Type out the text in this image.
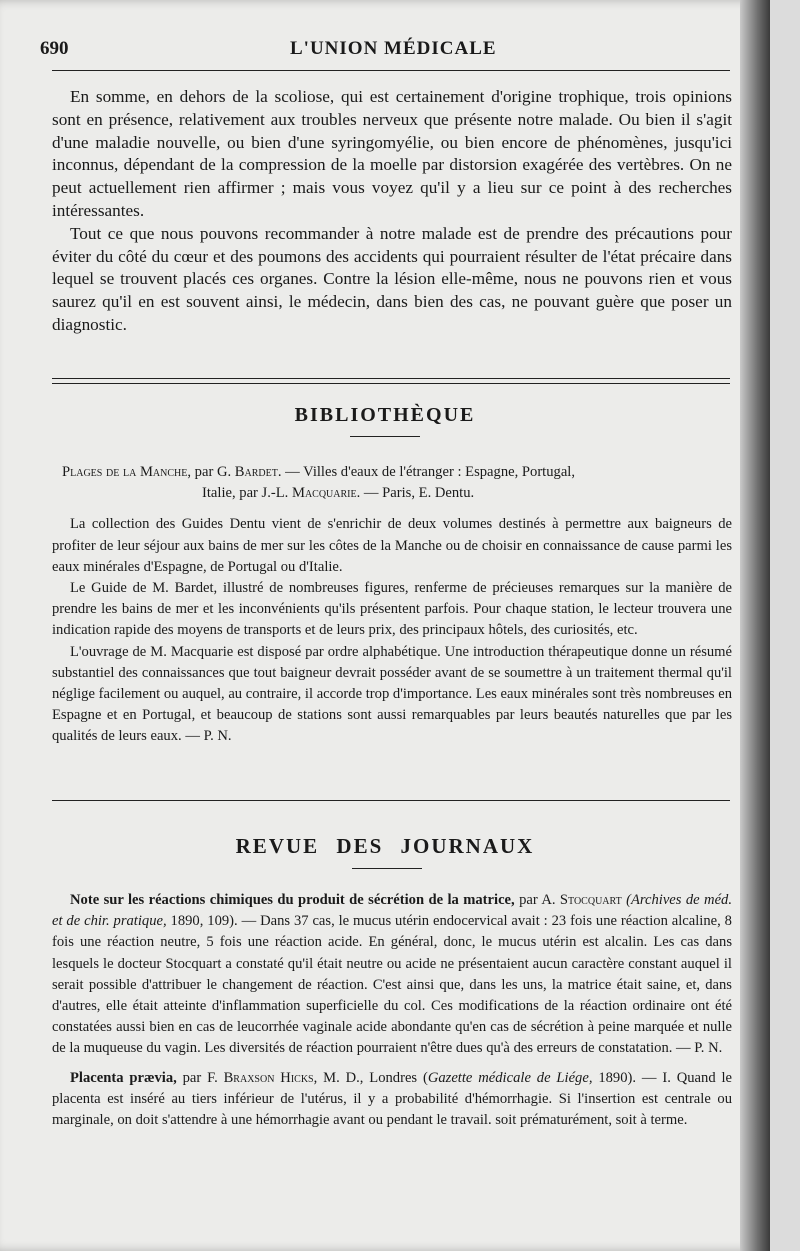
690	L'UNION MÉDICALE

En somme, en dehors de la scoliose, qui est certainement d'origine trophique, trois opinions sont en présence, relativement aux troubles nerveux que présente notre malade. Ou bien il s'agit d'une maladie nouvelle, ou bien d'une syringomyélie, ou bien encore de phénomènes, jusqu'ici inconnus, dépendant de la compression de la moelle par distorsion exagérée des vertèbres. On ne peut actuellement rien affirmer ; mais vous voyez qu'il y a lieu sur ce point à des recherches intéressantes.

Tout ce que nous pouvons recommander à notre malade est de prendre des précautions pour éviter du côté du cœur et des poumons des accidents qui pourraient résulter de l'état précaire dans lequel se trouvent placés ces organes. Contre la lésion elle-même, nous ne pouvons rien et vous saurez qu'il en est souvent ainsi, le médecin, dans bien des cas, ne pouvant guère que poser un diagnostic.

BIBLIOTHÈQUE

Plages de la Manche, par G. Bardet. — Villes d'eaux de l'étranger : Espagne, Portugal,
Italie, par J.-L. Macquarie. — Paris, E. Dentu.

La collection des Guides Dentu vient de s'enrichir de deux volumes destinés à permettre aux baigneurs de profiter de leur séjour aux bains de mer sur les côtes de la Manche ou de choisir en connaissance de cause parmi les eaux minérales d'Espagne, de Portugal ou d'Italie.

Le Guide de M. Bardet, illustré de nombreuses figures, renferme de précieuses remarques sur la manière de prendre les bains de mer et les inconvénients qu'ils présentent parfois. Pour chaque station, le lecteur trouvera une indication rapide des moyens de transports et de leurs prix, des principaux hôtels, des curiosités, etc.

L'ouvrage de M. Macquarie est disposé par ordre alphabétique. Une introduction thérapeutique donne un résumé substantiel des connaissances que tout baigneur devrait posséder avant de se soumettre à un traitement thermal qu'il néglige facilement ou auquel, au contraire, il accorde trop d'importance. Les eaux minérales sont très nombreuses en Espagne et en Portugal, et beaucoup de stations sont aussi remarquables par leurs beautés naturelles que par les qualités de leurs eaux. — P. N.

REVUE DES JOURNAUX

Note sur les réactions chimiques du produit de sécrétion de la matrice, par A. Stocquart (Archives de méd. et de chir. pratique, 1890, 109). — Dans 37 cas, le mucus utérin endocervical avait : 23 fois une réaction alcaline, 8 fois une réaction neutre, 5 fois une réaction acide. En général, donc, le mucus utérin est alcalin. Les cas dans lesquels le docteur Stocquart a constaté qu'il était neutre ou acide ne présentaient aucun caractère constant auquel il serait possible d'attribuer le changement de réaction. C'est ainsi que, dans les uns, la matrice était saine, et, dans d'autres, elle était atteinte d'inflammation superficielle du col. Ces modifications de la réaction ordinaire ont été constatées aussi bien en cas de leucorrhée vaginale acide abondante qu'en cas de sécrétion à peine marquée et nulle de la muqueuse du vagin. Les diversités de réaction pourraient n'être dues qu'à des erreurs de constatation. — P. N.

Placenta prævia, par F. Braxson Hicks, M. D., Londres (Gazette médicale de Liége, 1890). — I. Quand le placenta est inséré au tiers inférieur de l'utérus, il y a probabilité d'hémorrhagie. Si l'insertion est centrale ou marginale, on doit s'attendre à une hémorrhagie avant ou pendant le travail. soit prématurément, soit à terme.
